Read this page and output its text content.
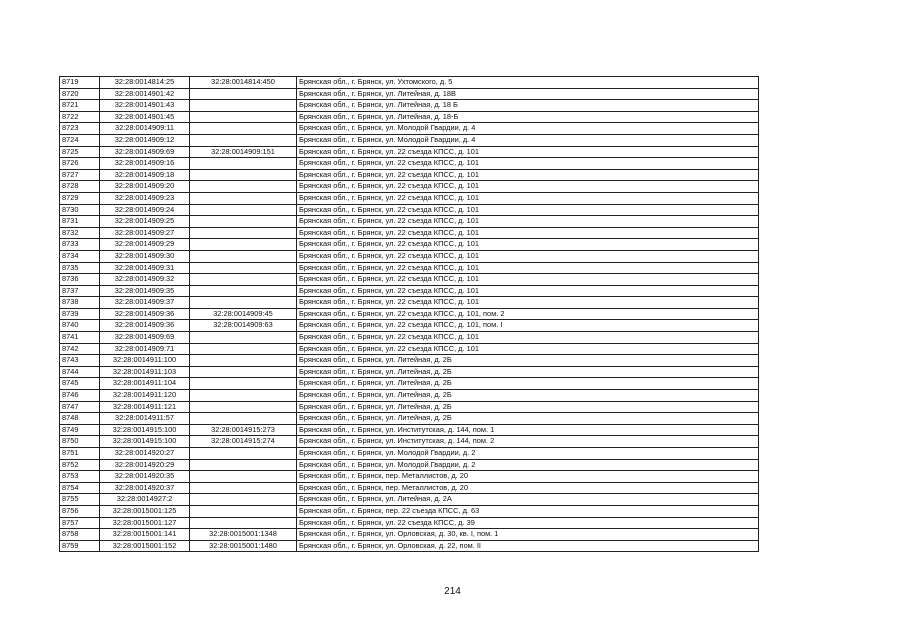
8719	32:28:0014814:25	32:28:0014814:450	Брянская обл., г. Брянск, ул. Ухтомского, д. 5
8720	32:28:0014901:42		Брянская обл., г. Брянск, ул. Литейная, д. 18В
8721	32:28:0014901:43		Брянская обл., г. Брянск, ул. Литейная, д. 18 Б
8722	32:28:0014901:45		Брянская обл., г. Брянск, ул. Литейная, д. 18-Б
8723	32:28:0014909:11		Брянская обл., г. Брянск, ул. Молодой Гвардии, д. 4
8724	32:28:0014909:12		Брянская обл., г. Брянск, ул. Молодой Гвардии, д. 4
8725	32:28:0014909:69	32:28:0014909:151	Брянская обл., г. Брянск, ул. 22 съезда КПСС, д. 101
8726	32:28:0014909:16		Брянская обл., г. Брянск, ул. 22 съезда КПСС, д. 101
8727	32:28:0014909:18		Брянская обл., г. Брянск, ул. 22 съезда КПСС, д. 101
8728	32:28:0014909:20		Брянская обл., г. Брянск, ул. 22 съезда КПСС, д. 101
8729	32:28:0014909:23		Брянская обл., г. Брянск, ул. 22 съезда КПСС, д. 101
8730	32:28:0014909:24		Брянская обл., г. Брянск, ул. 22 съезда КПСС, д. 101
8731	32:28:0014909:25		Брянская обл., г. Брянск, ул. 22 съезда КПСС, д. 101
8732	32:28:0014909:27		Брянская обл., г. Брянск, ул. 22 съезда КПСС, д. 101
8733	32:28:0014909:29		Брянская обл., г. Брянск, ул. 22 съезда КПСС, д. 101
8734	32:28:0014909:30		Брянская обл., г. Брянск, ул. 22 съезда КПСС, д. 101
8735	32:28:0014909:31		Брянская обл., г. Брянск, ул. 22 съезда КПСС, д. 101
8736	32:28:0014909:32		Брянская обл., г. Брянск, ул. 22 съезда КПСС, д. 101
8737	32:28:0014909:35		Брянская обл., г. Брянск, ул. 22 съезда КПСС, д. 101
8738	32:28:0014909:37		Брянская обл., г. Брянск, ул. 22 съезда КПСС, д. 101
8739	32:28:0014909:36	32:28:0014909:45	Брянская обл., г. Брянск, ул. 22 съезда КПСС, д. 101, пом. 2
8740	32:28:0014909:36	32:28:0014909:63	Брянская обл., г. Брянск, ул. 22 съезда КПСС, д. 101, пом. I
8741	32:28:0014909:69		Брянская обл., г. Брянск, ул. 22 съезда КПСС, д. 101
8742	32:28:0014909:71		Брянская обл., г. Брянск, ул. 22 съезда КПСС, д. 101
8743	32:28:0014911:100		Брянская обл., г. Брянск, ул. Литейная, д. 2Б
8744	32:28:0014911:103		Брянская обл., г. Брянск, ул. Литейная, д. 2Б
8745	32:28:0014911:104		Брянская обл., г. Брянск, ул. Литейная, д. 2Б
8746	32:28:0014911:120		Брянская обл., г. Брянск, ул. Литейная, д. 2Б
8747	32:28:0014911:121		Брянская обл., г. Брянск, ул. Литейная, д. 2Б
8748	32:28:0014911:57		Брянская обл., г. Брянск, ул. Литейная, д. 2Б
8749	32:28:0014915:100	32:28:0014915:273	Брянская обл., г. Брянск, ул. Институтская, д. 144, пом. 1
8750	32:28:0014915:100	32:28:0014915:274	Брянская обл., г. Брянск, ул. Институтская, д. 144, пом. 2
8751	32:28:0014920:27		Брянская обл., г. Брянск, ул. Молодой Гвардии, д. 2
8752	32:28:0014920:29		Брянская обл., г. Брянск, ул. Молодой Гвардии, д. 2
8753	32:28:0014920:35		Брянская обл., г. Брянск, пер. Металлистов, д. 20
8754	32:28:0014920:37		Брянская обл., г. Брянск, пер. Металлистов, д. 20
8755	32:28:0014927:2		Брянская обл., г. Брянск, ул. Литейная, д. 2А
8756	32:28:0015001:125		Брянская обл., г. Брянск, пер. 22 съезда КПСС, д. 63
8757	32:28:0015001:127		Брянская обл., г. Брянск, ул. 22 съезда КПСС, д. 39
8758	32:28:0015001:141	32:28:0015001:1348	Брянская обл., г. Брянск, ул. Орловская, д. 30, кв. I, пом. 1
8759	32:28:0015001:152	32:28:0015001:1480	Брянская обл., г. Брянск, ул. Орловская, д. 22, пом. II
214
